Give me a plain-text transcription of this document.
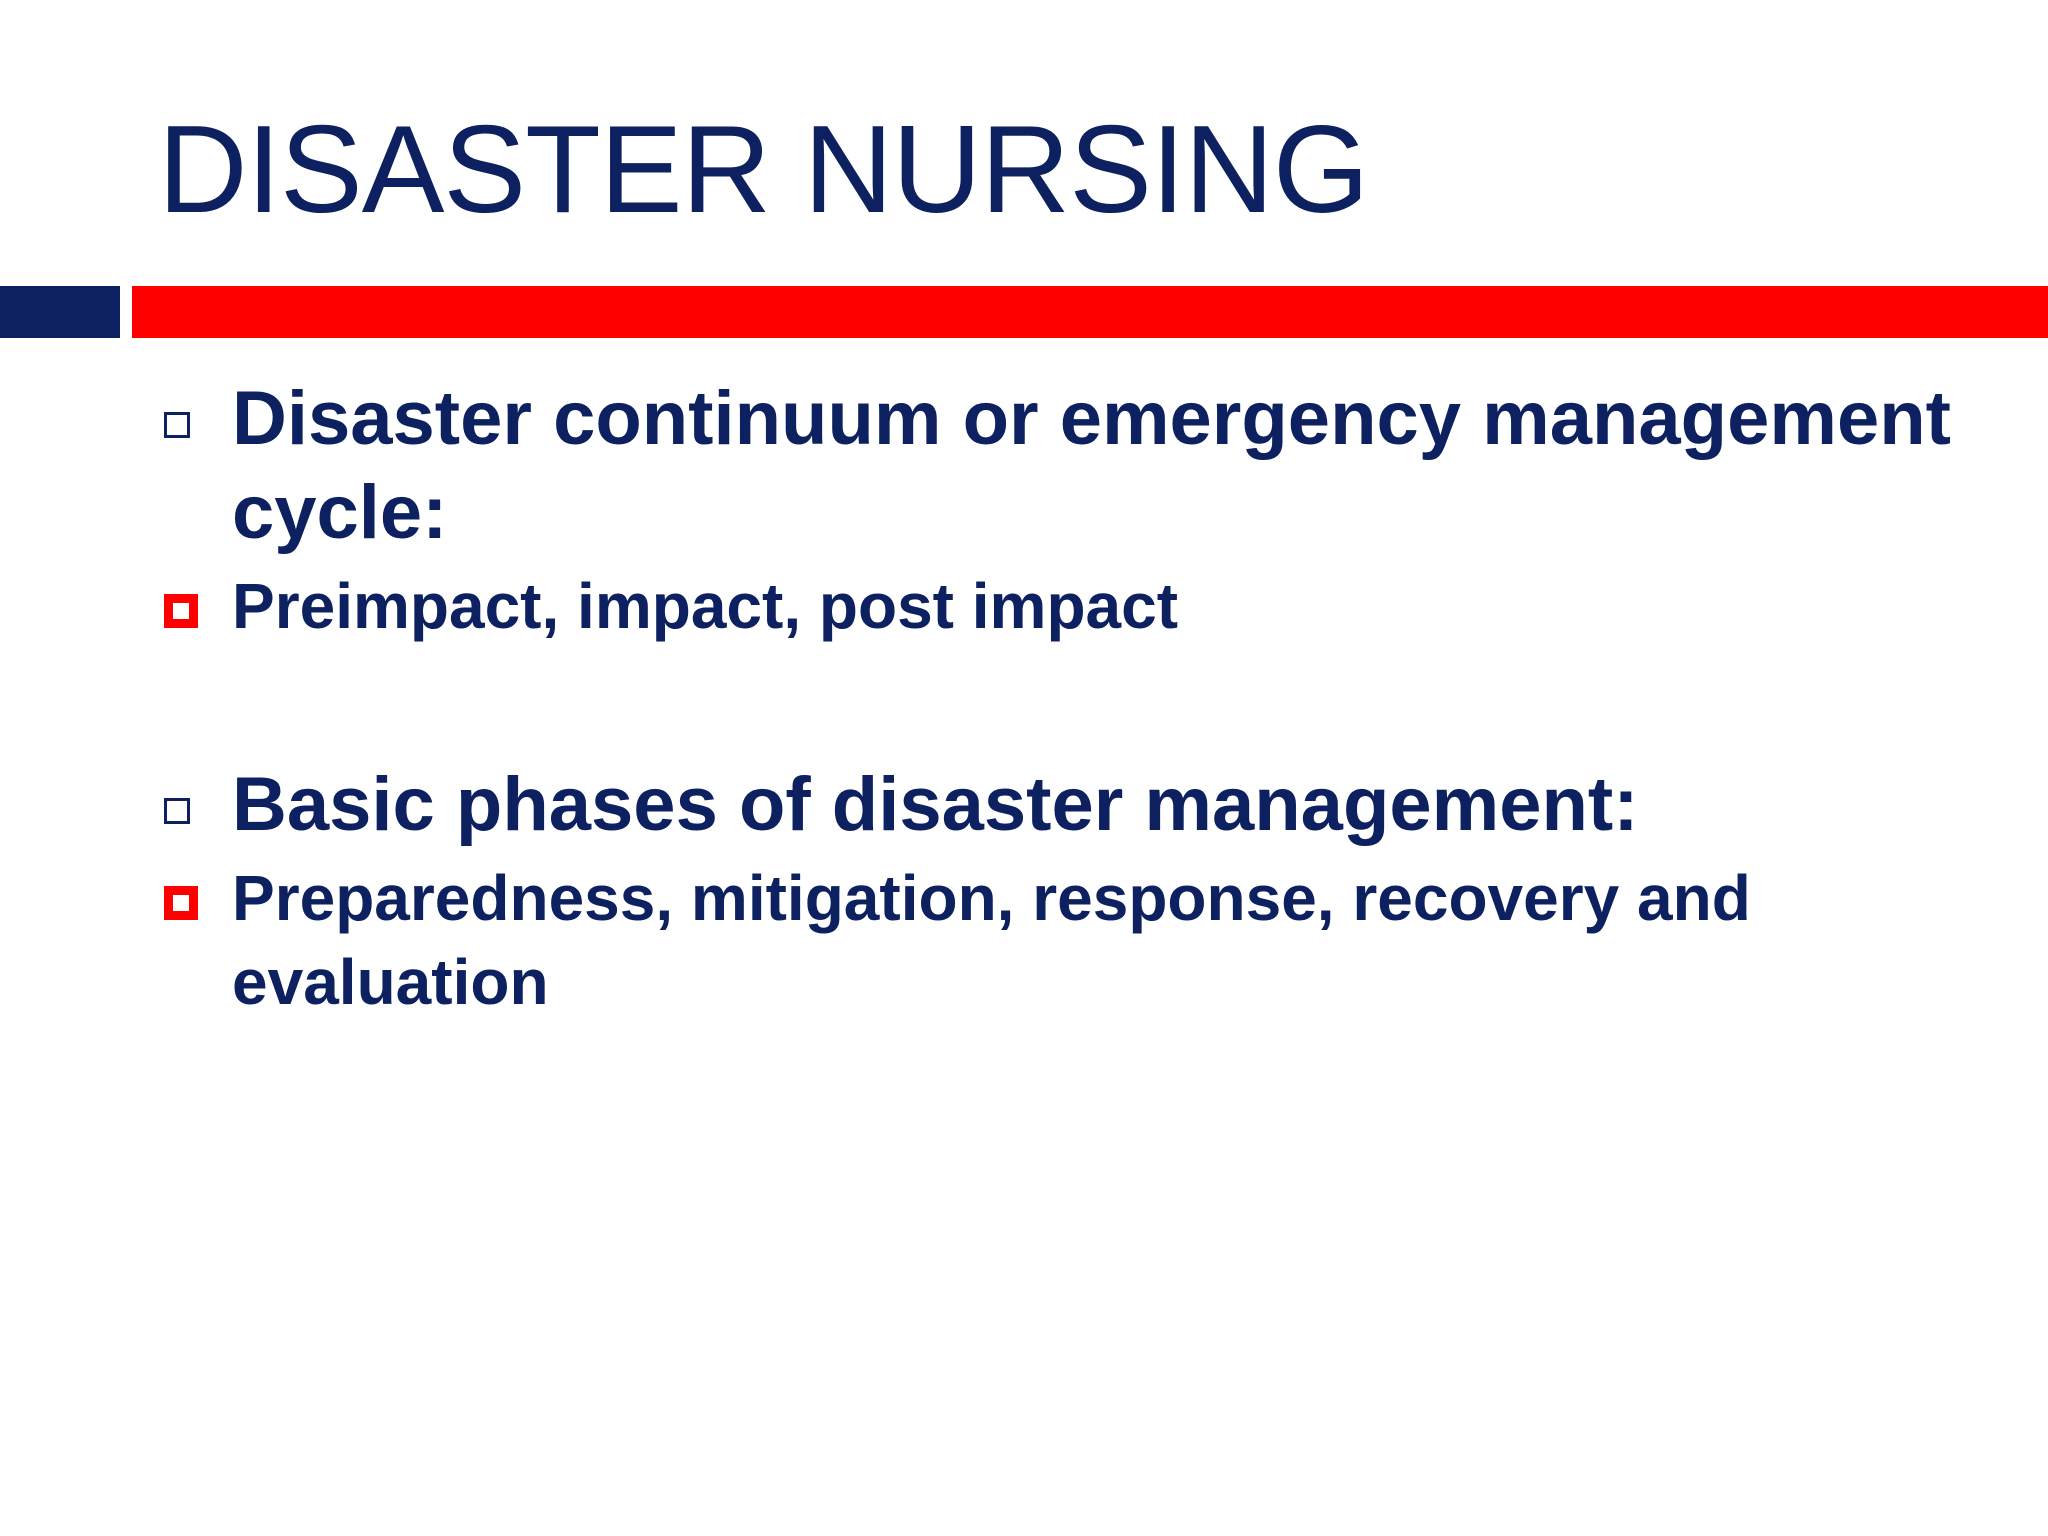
DISASTER NURSING
Disaster continuum or emergency management cycle:
Preimpact, impact, post impact
Basic phases of disaster management:
Preparedness, mitigation, response, recovery and evaluation
